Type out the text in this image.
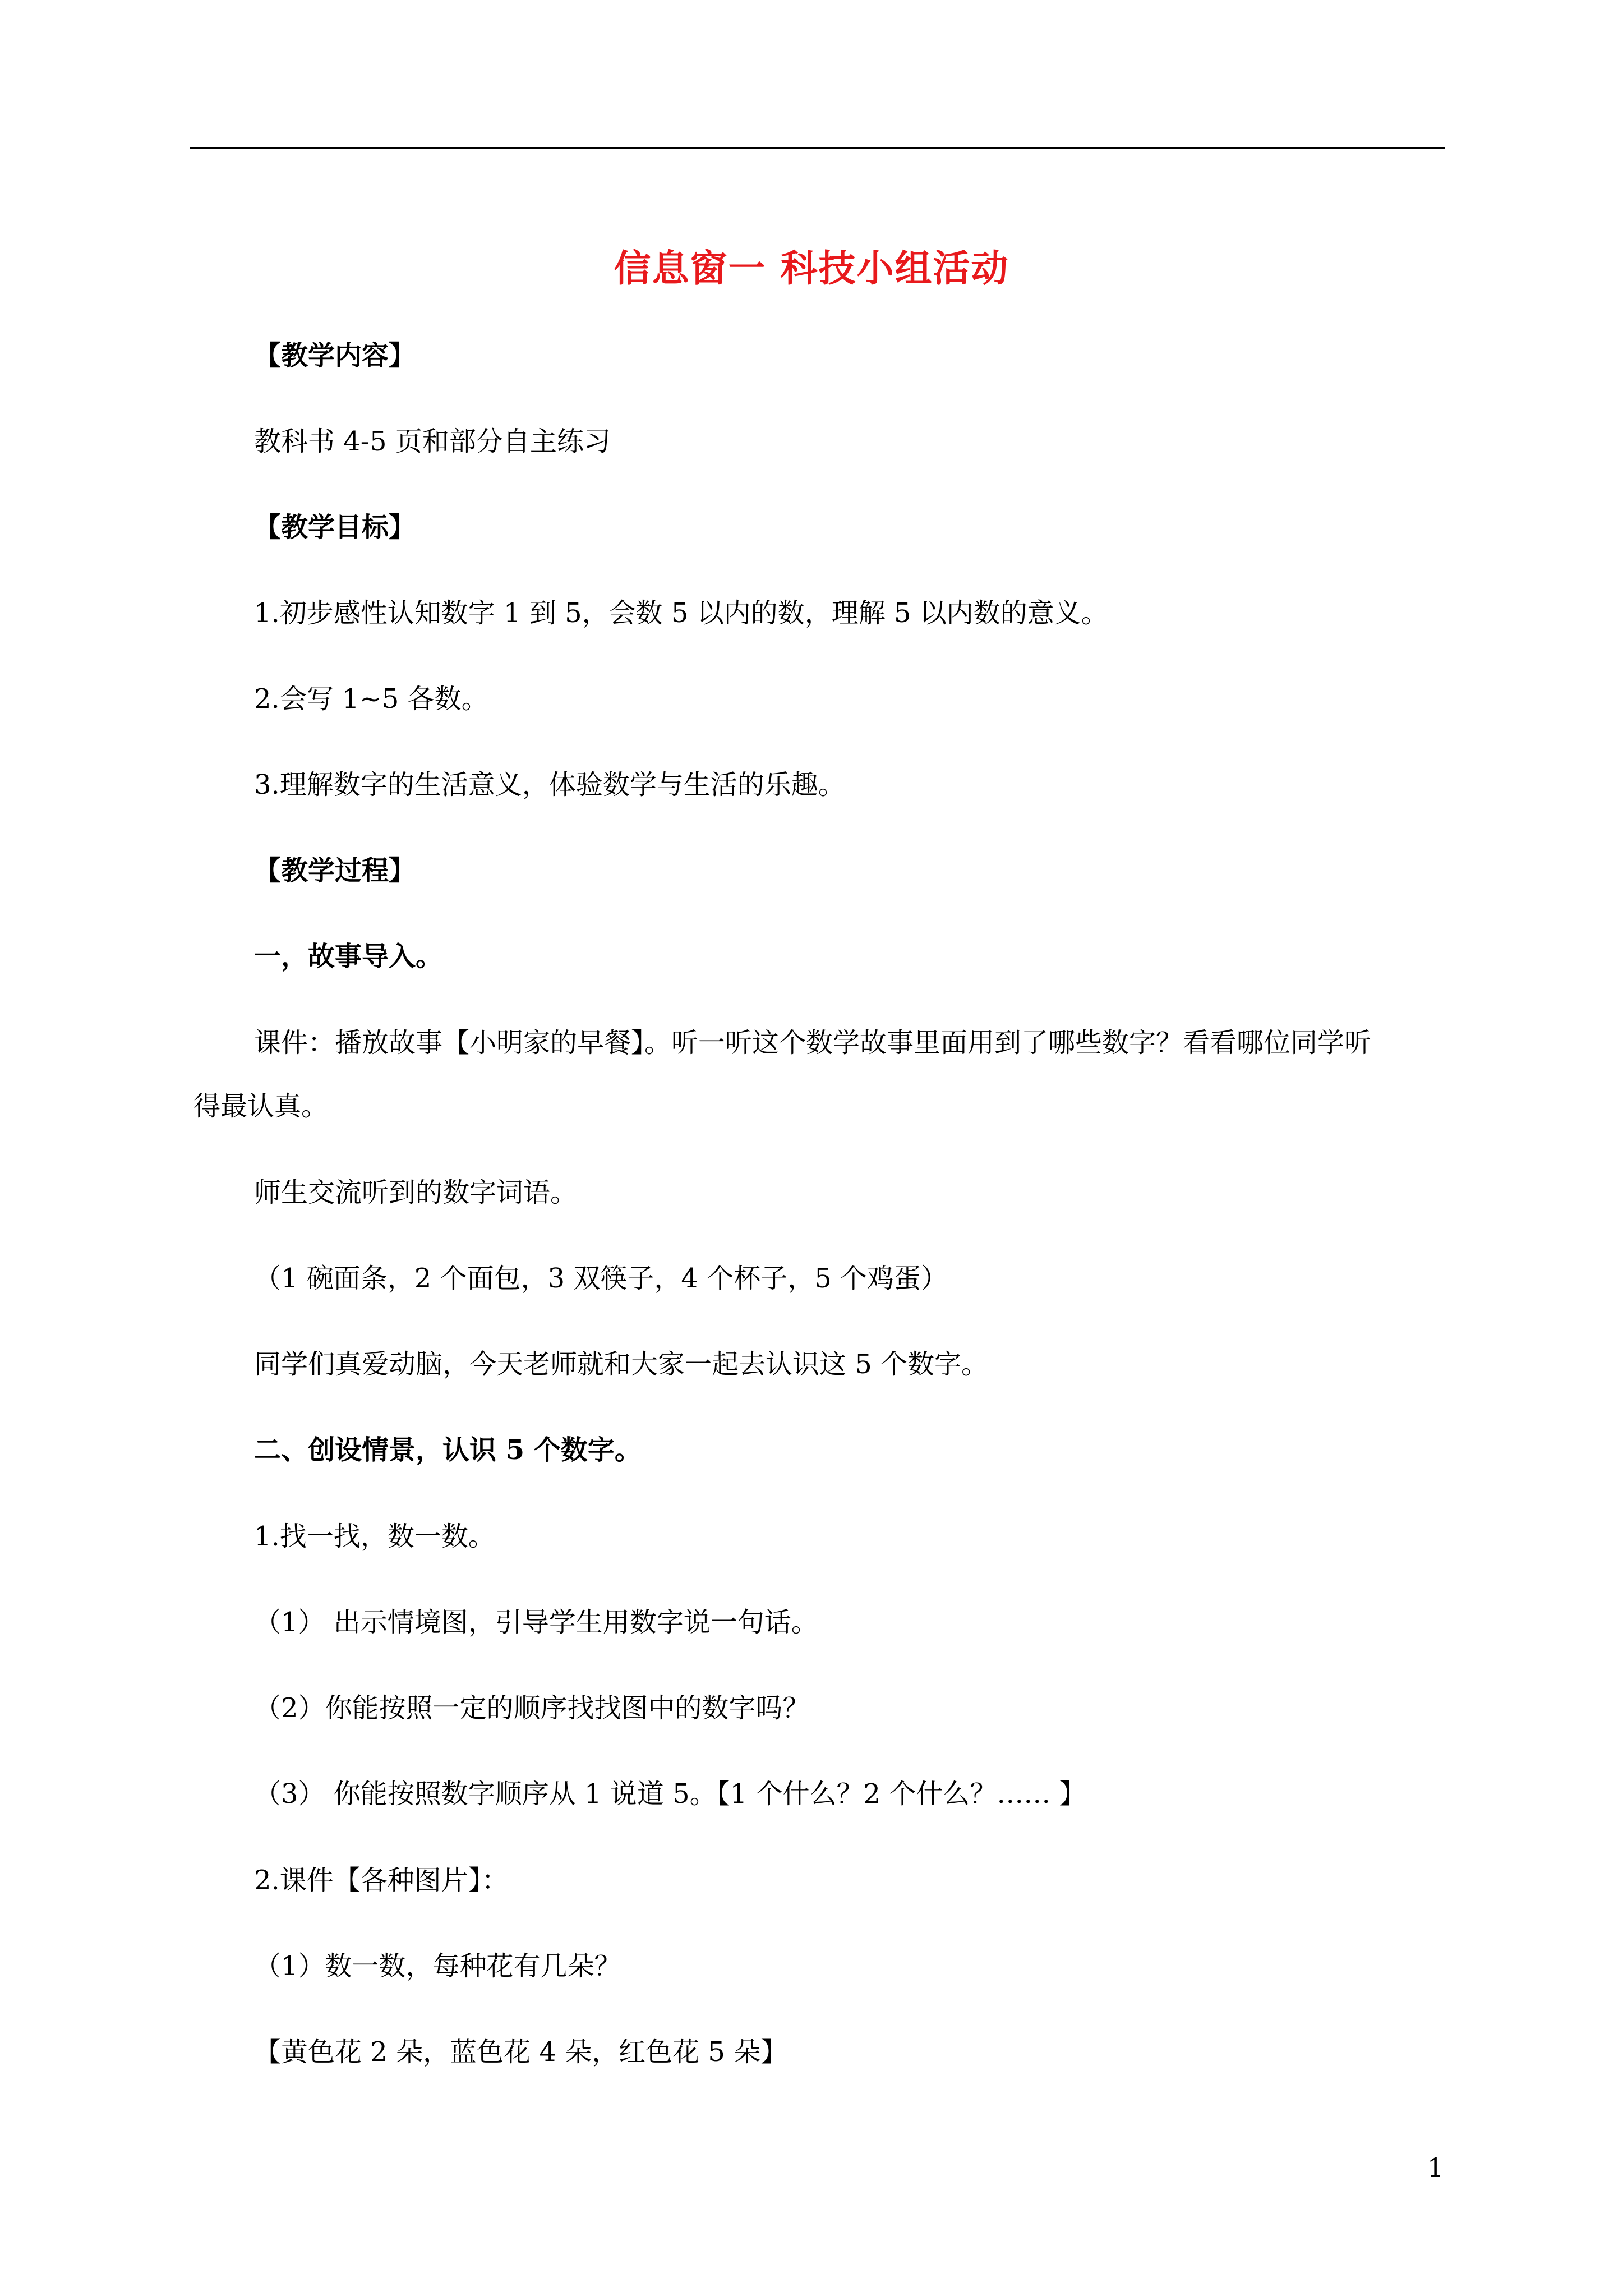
信息窗一 科技小组活动
【教学内容】
教科书 4-5 页和部分自主练习
【教学目标】
1.初步感性认知数字 1 到 5，会数 5 以内的数，理解 5 以内数的意义。
2.会写 1~5 各数。
3.理解数字的生活意义，体验数学与生活的乐趣。
【教学过程】
一，故事导入。
课件：播放故事【小明家的早餐】。听一听这个数学故事里面用到了哪些数字？看看哪位同学听
得最认真。
师生交流听到的数字词语。
（1 碗面条，2 个面包，3 双筷子，4 个杯子，5 个鸡蛋）
同学们真爱动脑，今天老师就和大家一起去认识这 5 个数字。
二、创设情景，认识 5 个数字。
1.找一找，数一数。
（1） 出示情境图，引导学生用数字说一句话。
（2）你能按照一定的顺序找找图中的数字吗？
（3） 你能按照数字顺序从 1 说道 5。【1 个什么？2 个什么？…… 】
2.课件【各种图片】：
（1）数一数，每种花有几朵？
【黄色花 2 朵，蓝色花 4 朵，红色花 5 朵】
1
